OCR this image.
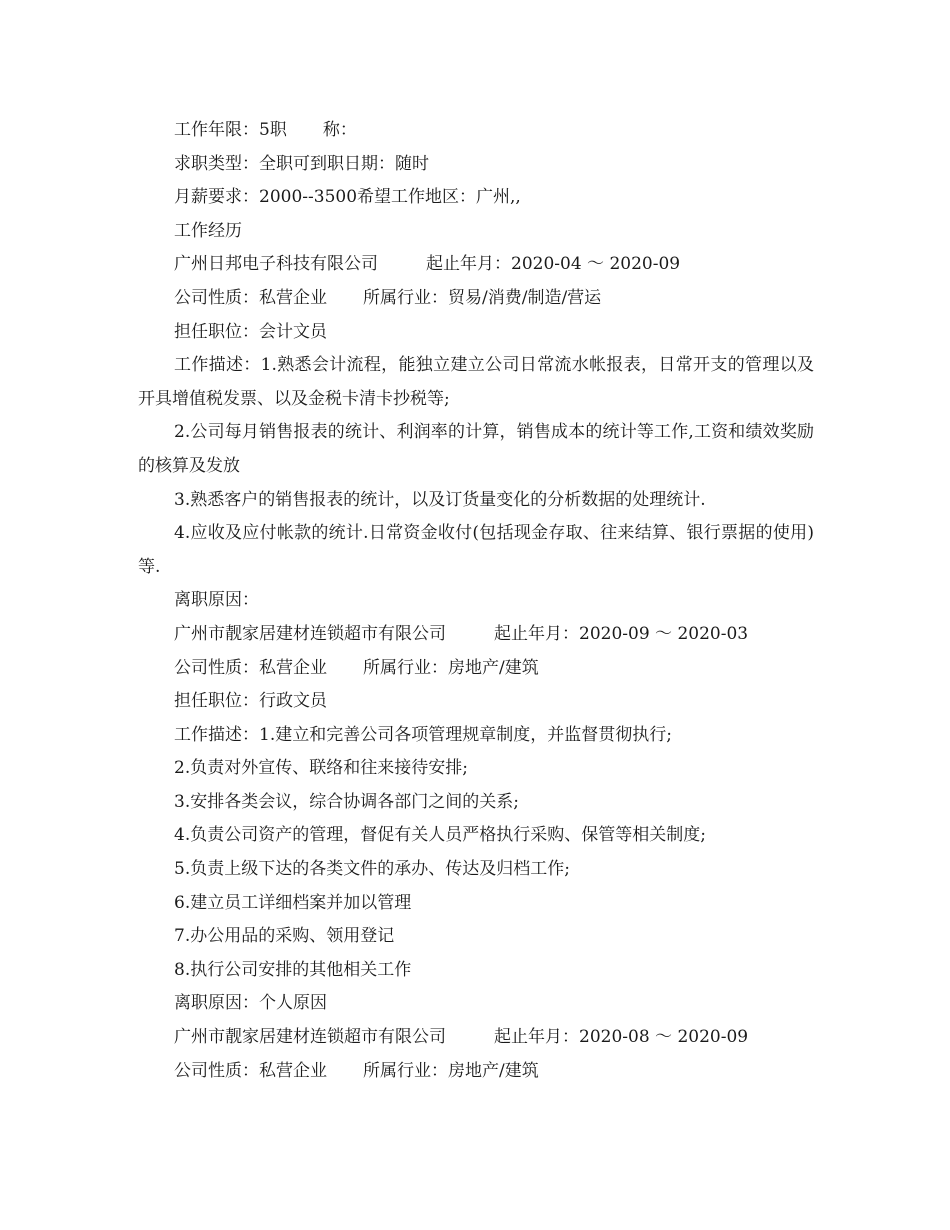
工作年限：5职 称：

求职类型：全职可到职日期：随时

月薪要求：2000--3500希望工作地区：广州,,

工作经历

广州日邦电子科技有限公司	起止年月：2020-04 ～ 2020-09

公司性质：私营企业 所属行业：贸易/消费/制造/营运

担任职位：会计文员

工作描述：1.熟悉会计流程，能独立建立公司日常流水帐报表，日常开支的管理以及开具增值税发票、以及金税卡清卡抄税等;

2.公司每月销售报表的统计、利润率的计算，销售成本的统计等工作,工资和绩效奖励的核算及发放

3.熟悉客户的销售报表的统计，以及订货量变化的分析数据的处理统计.

4.应收及应付帐款的统计.日常资金收付(包括现金存取、往来结算、银行票据的使用)等.

离职原因：

广州市靓家居建材连锁超市有限公司	起止年月：2020-09 ～ 2020-03

公司性质：私营企业 所属行业：房地产/建筑

担任职位：行政文员

工作描述：1.建立和完善公司各项管理规章制度，并监督贯彻执行;

2.负责对外宣传、联络和往来接待安排;

3.安排各类会议，综合协调各部门之间的关系;

4.负责公司资产的管理，督促有关人员严格执行采购、保管等相关制度;

5.负责上级下达的各类文件的承办、传达及归档工作;

6.建立员工详细档案并加以管理

7.办公用品的采购、领用登记

8.执行公司安排的其他相关工作

离职原因：个人原因

广州市靓家居建材连锁超市有限公司	起止年月：2020-08 ～ 2020-09

公司性质：私营企业 所属行业：房地产/建筑
